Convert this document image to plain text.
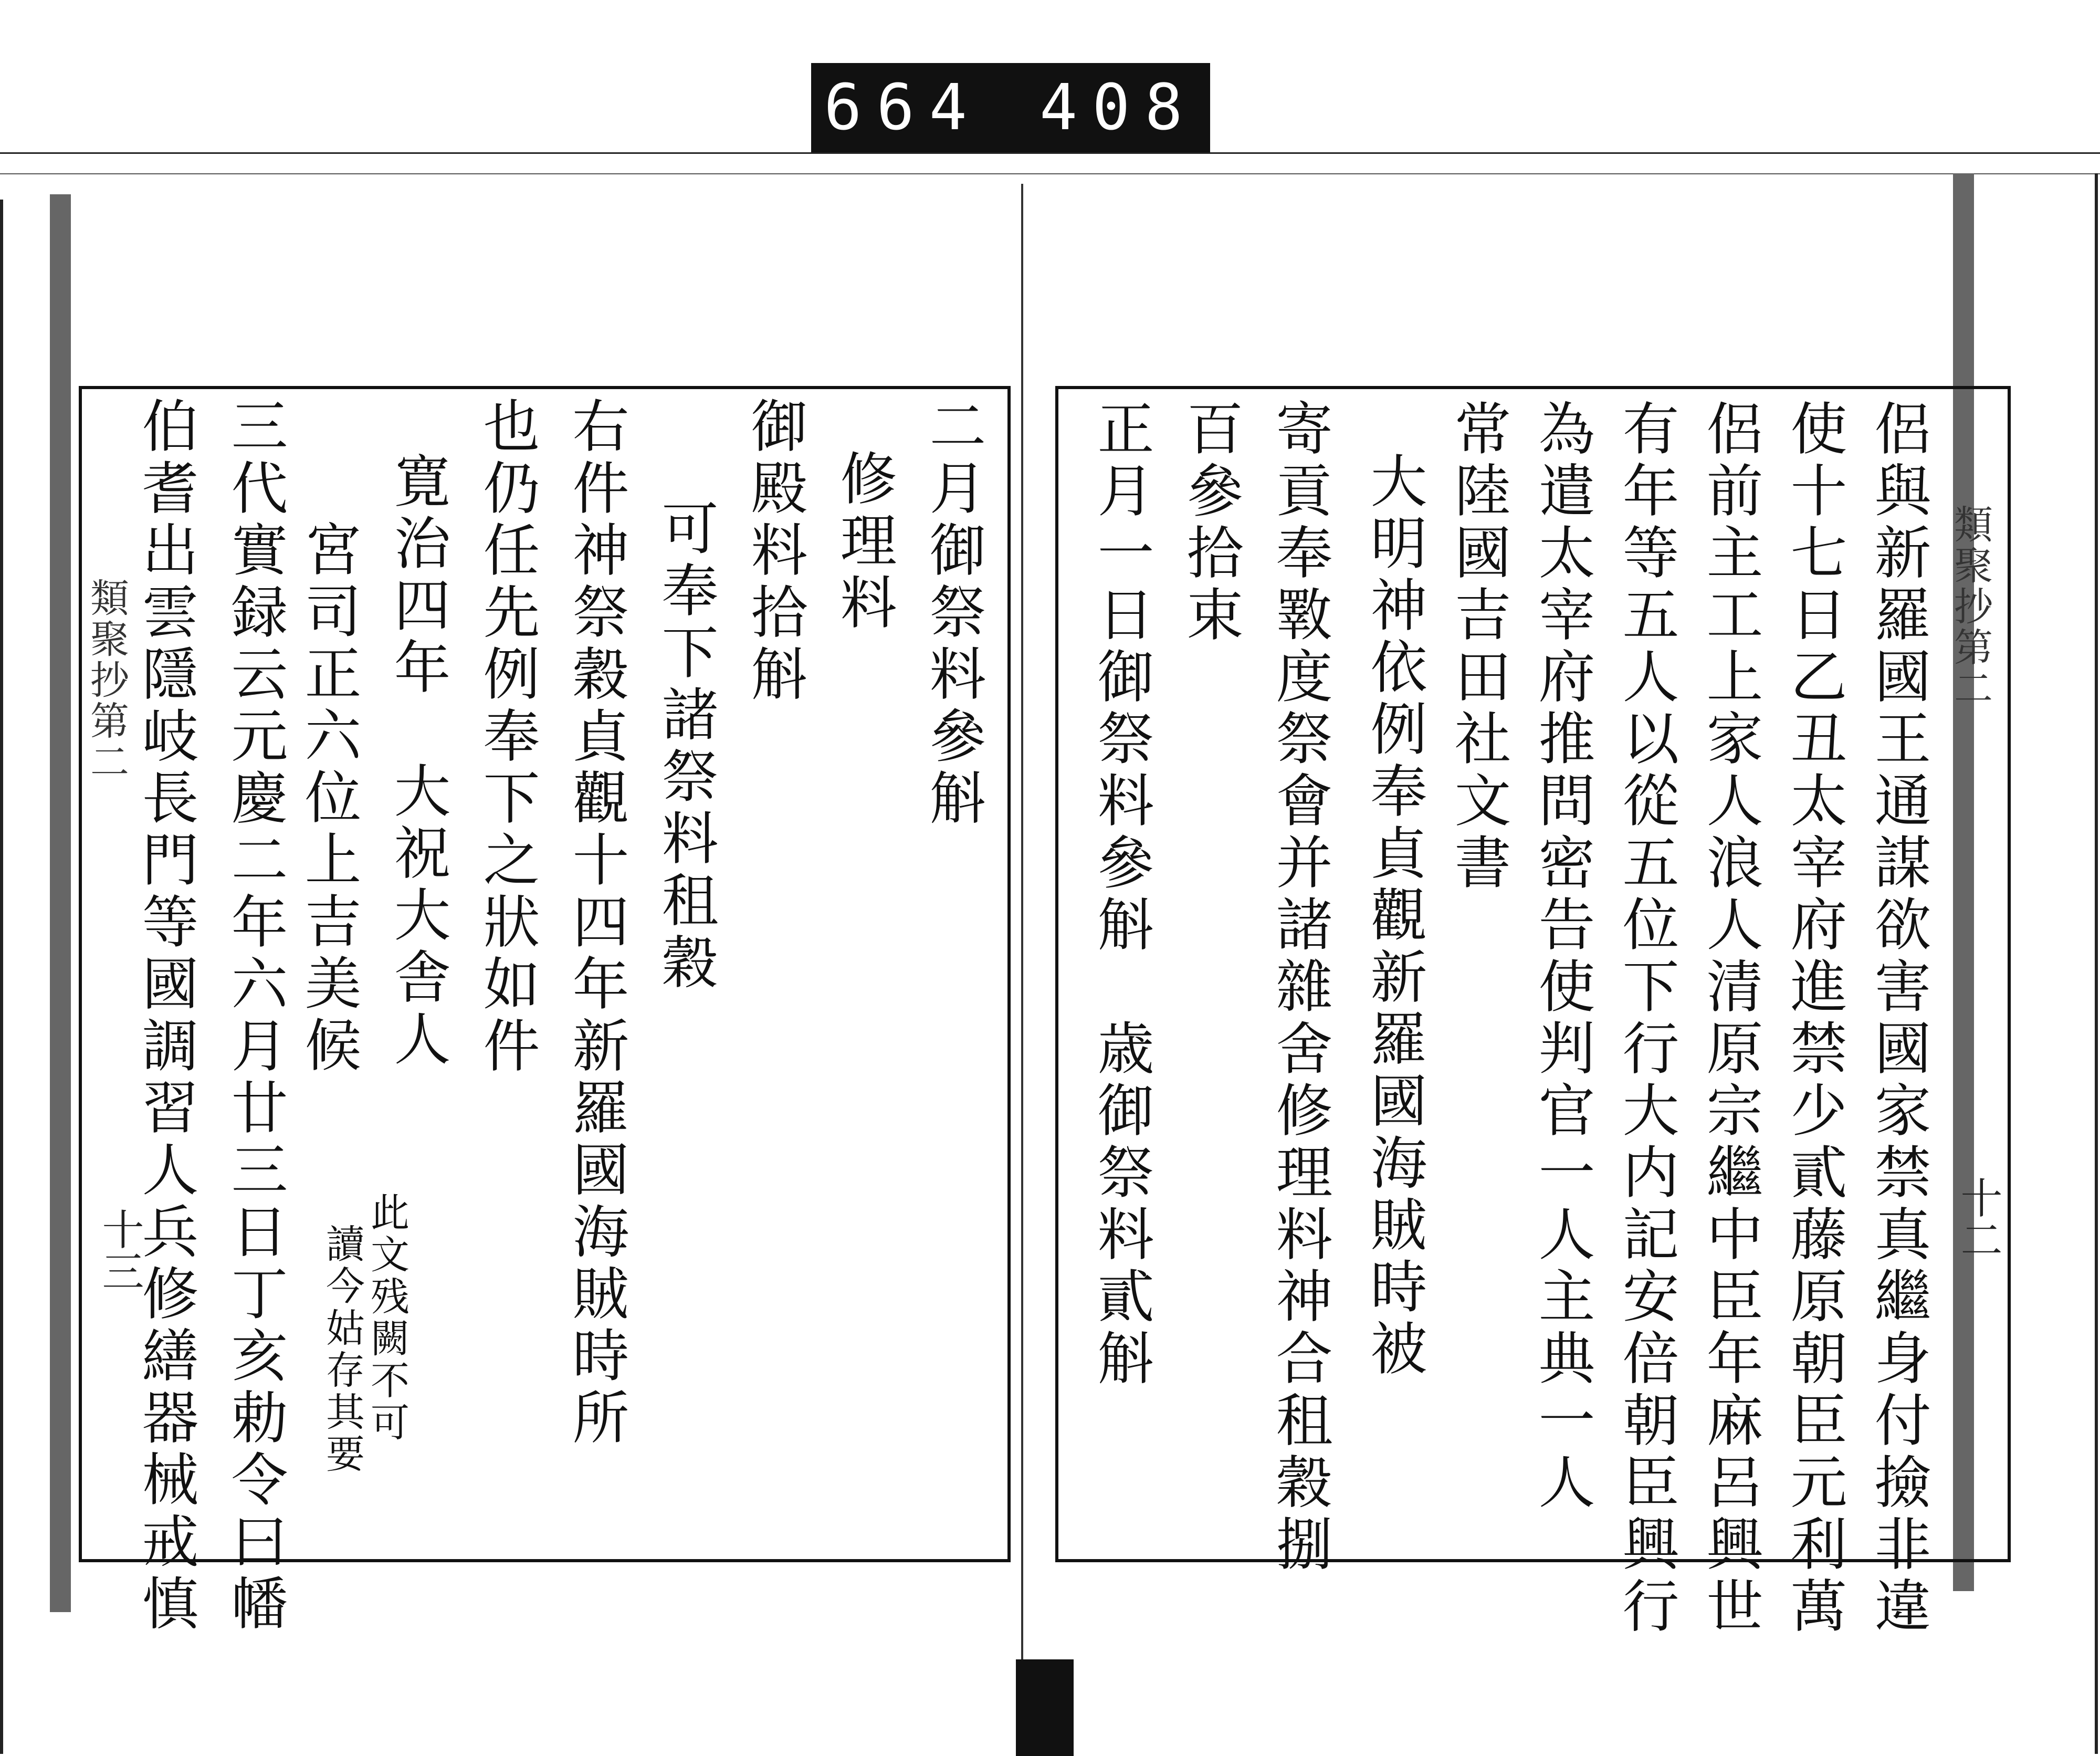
664 408
類聚抄第二
十三
二月御祭料參斛
修理料
御殿料拾斛
可奉下諸祭料租穀
右件神祭穀貞觀十四年新羅國海賊時所
也仍任先例奉下之狀如件
寛治四年　大祝大舎人
宮司正六位上吉美候
此文残闕不可
讀今姑存其要
三代實録云元慶二年六月廿三日丁亥勅令曰幡
伯耆出雲隱岐長門等國調習人兵修繕器械戒慎	類聚抄第二
十二
侶與新羅國王通謀欲害國家禁真繼身付撿非違
使十七日乙丑太宰府進禁少貳藤原朝臣元利萬
侶前主工上家人浪人清原宗繼中臣年麻呂興世
有年等五人以從五位下行大内記安倍朝臣興行
為遣太宰府推問密告使判官一人主典一人
常陸國吉田社文書
大明神依例奉貞觀新羅國海賊時被
寄貢奉斁度祭會并諸雜舍修理料神合租穀捌
百參拾束
正月一日御祭料參斛　歳御祭料貳斛
